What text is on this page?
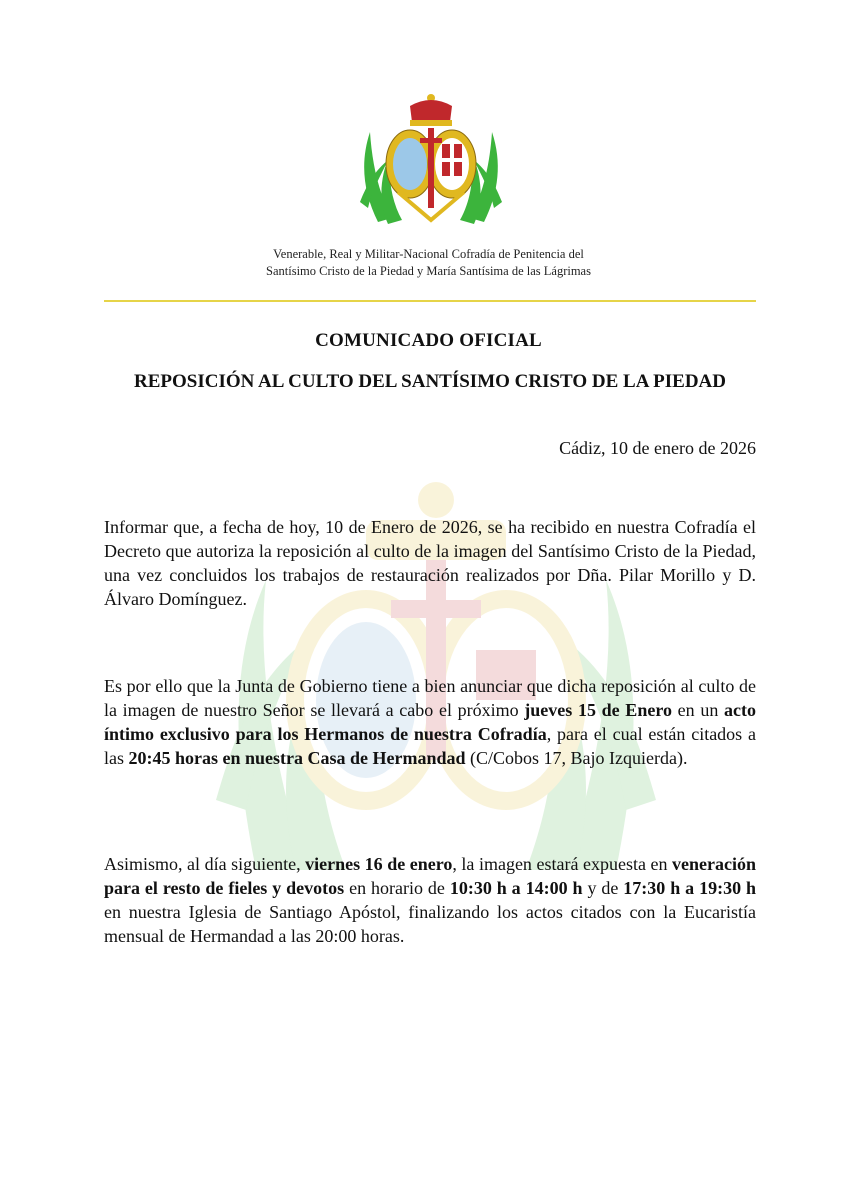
Venerable, Real y Militar-Nacional Cofradía de Penitencia del
Santísimo Cristo de la Piedad y María Santísima de las Lágrimas
COMUNICADO OFICIAL
REPOSICIÓN AL CULTO DEL SANTÍSIMO CRISTO DE LA PIEDAD
Cádiz, 10 de enero de 2026
Informar que, a fecha de hoy, 10 de Enero de 2026, se ha recibido en nuestra Cofradía el Decreto que autoriza la reposición al culto de la imagen del Santísimo Cristo de la Piedad, una vez concluidos los trabajos de restauración realizados por Dña. Pilar Morillo y D. Álvaro Domínguez.
Es por ello que la Junta de Gobierno tiene a bien anunciar que dicha reposición al culto de la imagen de nuestro Señor se llevará a cabo el próximo jueves 15 de Enero en un acto íntimo exclusivo para los Hermanos de nuestra Cofradía, para el cual están citados a las 20:45 horas en nuestra Casa de Hermandad (C/Cobos 17, Bajo Izquierda).
Asimismo, al día siguiente, viernes 16 de enero, la imagen estará expuesta en veneración para el resto de fieles y devotos en horario de 10:30 h a 14:00 h y de 17:30 h a 19:30 h en nuestra Iglesia de Santiago Apóstol, finalizando los actos citados con la Eucaristía mensual de Hermandad a las 20:00 horas.
